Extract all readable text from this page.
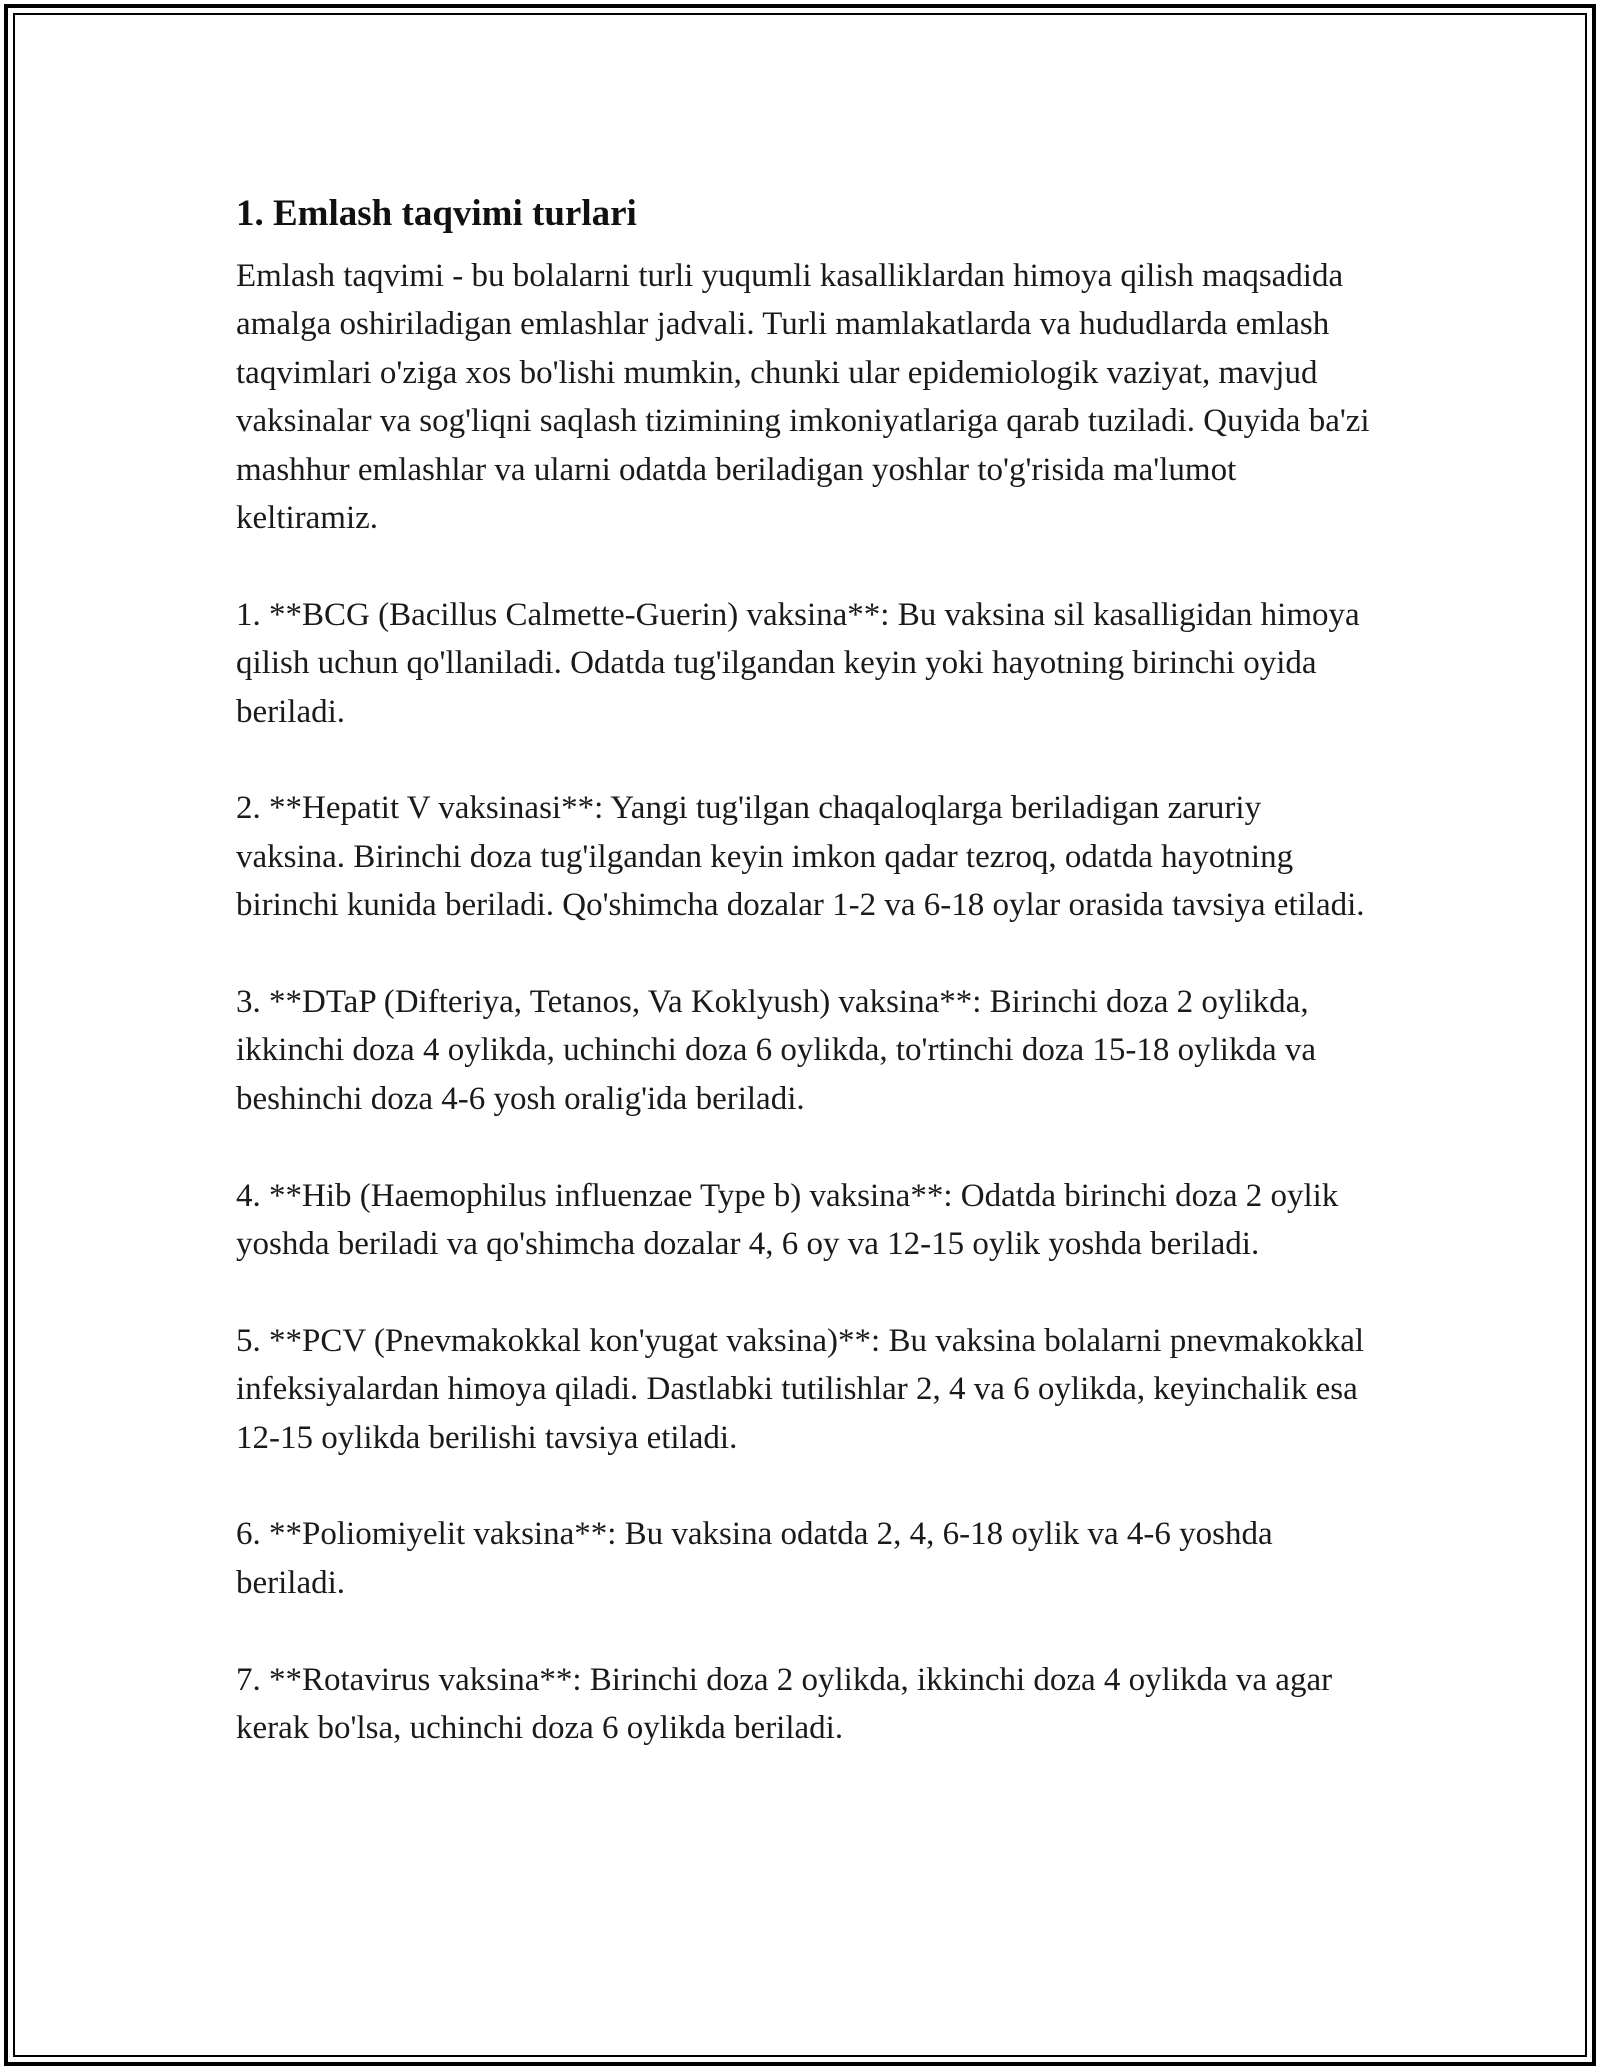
1. Emlash taqvimi turlari

Emlash taqvimi - bu bolalarni turli yuqumli kasalliklardan himoya qilish maqsadida amalga oshiriladigan emlashlar jadvali. Turli mamlakatlarda va hududlarda emlash taqvimlari o'ziga xos bo'lishi mumkin, chunki ular epidemiologik vaziyat, mavjud vaksinalar va sog'liqni saqlash tizimining imkoniyatlariga qarab tuziladi. Quyida ba'zi mashhur emlashlar va ularni odatda beriladigan yoshlar to'g'risida ma'lumot keltiramiz.

1. **BCG (Bacillus Calmette-Guerin) vaksina**: Bu vaksina sil kasalligidan himoya qilish uchun qo'llaniladi. Odatda tug'ilgandan keyin yoki hayotning birinchi oyida beriladi.

2. **Hepatit V vaksinasi**: Yangi tug'ilgan chaqaloqlarga beriladigan zaruriy vaksina. Birinchi doza tug'ilgandan keyin imkon qadar tezroq, odatda hayotning birinchi kunida beriladi. Qo'shimcha dozalar 1-2 va 6-18 oylar orasida tavsiya etiladi.

3. **DTaP (Difteriya, Tetanos, Va Koklyush) vaksina**: Birinchi doza 2 oylikda, ikkinchi doza 4 oylikda, uchinchi doza 6 oylikda, to'rtinchi doza 15-18 oylikda va beshinchi doza 4-6 yosh oralig'ida beriladi.

4. **Hib (Haemophilus influenzae Type b) vaksina**: Odatda birinchi doza 2 oylik yoshda beriladi va qo'shimcha dozalar 4, 6 oy va 12-15 oylik yoshda beriladi.

5. **PCV (Pnevmakokkal kon'yugat vaksina)**: Bu vaksina bolalarni pnevmakokkal infeksiyalardan himoya qiladi. Dastlabki tutilishlar 2, 4 va 6 oylikda, keyinchalik esa 12-15 oylikda berilishi tavsiya etiladi.

6. **Poliomiyelit vaksina**: Bu vaksina odatda 2, 4, 6-18 oylik va 4-6 yoshda beriladi.

7. **Rotavirus vaksina**: Birinchi doza 2 oylikda, ikkinchi doza 4 oylikda va agar kerak bo'lsa, uchinchi doza 6 oylikda beriladi.
